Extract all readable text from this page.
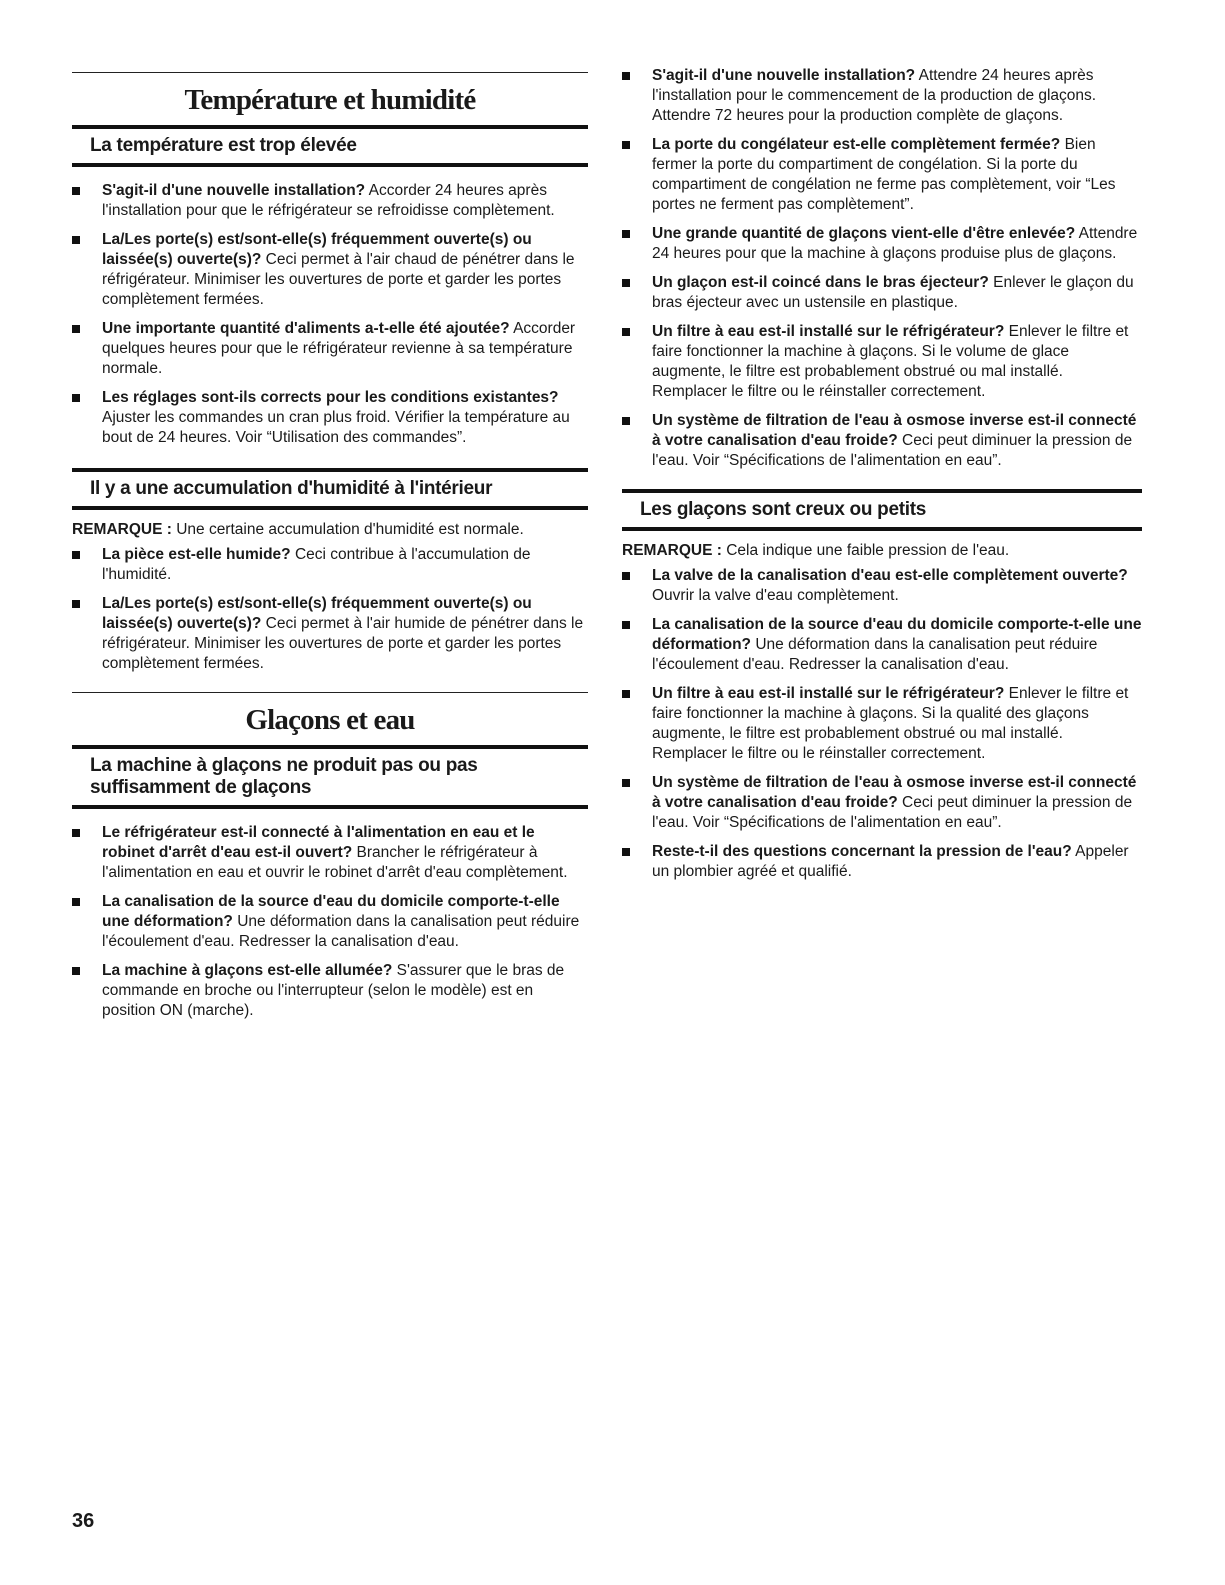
Température et humidité
La température est trop élevée
S'agit-il d'une nouvelle installation? Accorder 24 heures après l'installation pour que le réfrigérateur se refroidisse complètement.
La/Les porte(s) est/sont-elle(s) fréquemment ouverte(s) ou laissée(s) ouverte(s)? Ceci permet à l'air chaud de pénétrer dans le réfrigérateur. Minimiser les ouvertures de porte et garder les portes complètement fermées.
Une importante quantité d'aliments a-t-elle été ajoutée? Accorder quelques heures pour que le réfrigérateur revienne à sa température normale.
Les réglages sont-ils corrects pour les conditions existantes? Ajuster les commandes un cran plus froid. Vérifier la température au bout de 24 heures. Voir “Utilisation des commandes”.
Il y a une accumulation d'humidité à l'intérieur
REMARQUE : Une certaine accumulation d'humidité est normale.
La pièce est-elle humide? Ceci contribue à l'accumulation de l'humidité.
La/Les porte(s) est/sont-elle(s) fréquemment ouverte(s) ou laissée(s) ouverte(s)? Ceci permet à l'air humide de pénétrer dans le réfrigérateur. Minimiser les ouvertures de porte et garder les portes complètement fermées.
Glaçons et eau
La machine à glaçons ne produit pas ou pas suffisamment de glaçons
Le réfrigérateur est-il connecté à l'alimentation en eau et le robinet d'arrêt d'eau est-il ouvert? Brancher le réfrigérateur à l'alimentation en eau et ouvrir le robinet d'arrêt d'eau complètement.
La canalisation de la source d'eau du domicile comporte-t-elle une déformation? Une déformation dans la canalisation peut réduire l'écoulement d'eau. Redresser la canalisation d'eau.
La machine à glaçons est-elle allumée? S'assurer que le bras de commande en broche ou l'interrupteur (selon le modèle) est en position ON (marche).
S'agit-il d'une nouvelle installation? Attendre 24 heures après l'installation pour le commencement de la production de glaçons. Attendre 72 heures pour la production complète de glaçons.
La porte du congélateur est-elle complètement fermée? Bien fermer la porte du compartiment de congélation. Si la porte du compartiment de congélation ne ferme pas complètement, voir “Les portes ne ferment pas complètement”.
Une grande quantité de glaçons vient-elle d'être enlevée? Attendre 24 heures pour que la machine à glaçons produise plus de glaçons.
Un glaçon est-il coincé dans le bras éjecteur? Enlever le glaçon du bras éjecteur avec un ustensile en plastique.
Un filtre à eau est-il installé sur le réfrigérateur? Enlever le filtre et faire fonctionner la machine à glaçons. Si le volume de glace augmente, le filtre est probablement obstrué ou mal installé. Remplacer le filtre ou le réinstaller correctement.
Un système de filtration de l'eau à osmose inverse est-il connecté à votre canalisation d'eau froide? Ceci peut diminuer la pression de l'eau. Voir “Spécifications de l'alimentation en eau”.
Les glaçons sont creux ou petits
REMARQUE : Cela indique une faible pression de l'eau.
La valve de la canalisation d'eau est-elle complètement ouverte? Ouvrir la valve d'eau complètement.
La canalisation de la source d'eau du domicile comporte-t-elle une déformation? Une déformation dans la canalisation peut réduire l'écoulement d'eau. Redresser la canalisation d'eau.
Un filtre à eau est-il installé sur le réfrigérateur? Enlever le filtre et faire fonctionner la machine à glaçons. Si la qualité des glaçons augmente, le filtre est probablement obstrué ou mal installé. Remplacer le filtre ou le réinstaller correctement.
Un système de filtration de l'eau à osmose inverse est-il connecté à votre canalisation d'eau froide? Ceci peut diminuer la pression de l'eau. Voir “Spécifications de l'alimentation en eau”.
Reste-t-il des questions concernant la pression de l'eau? Appeler un plombier agréé et qualifié.
36
